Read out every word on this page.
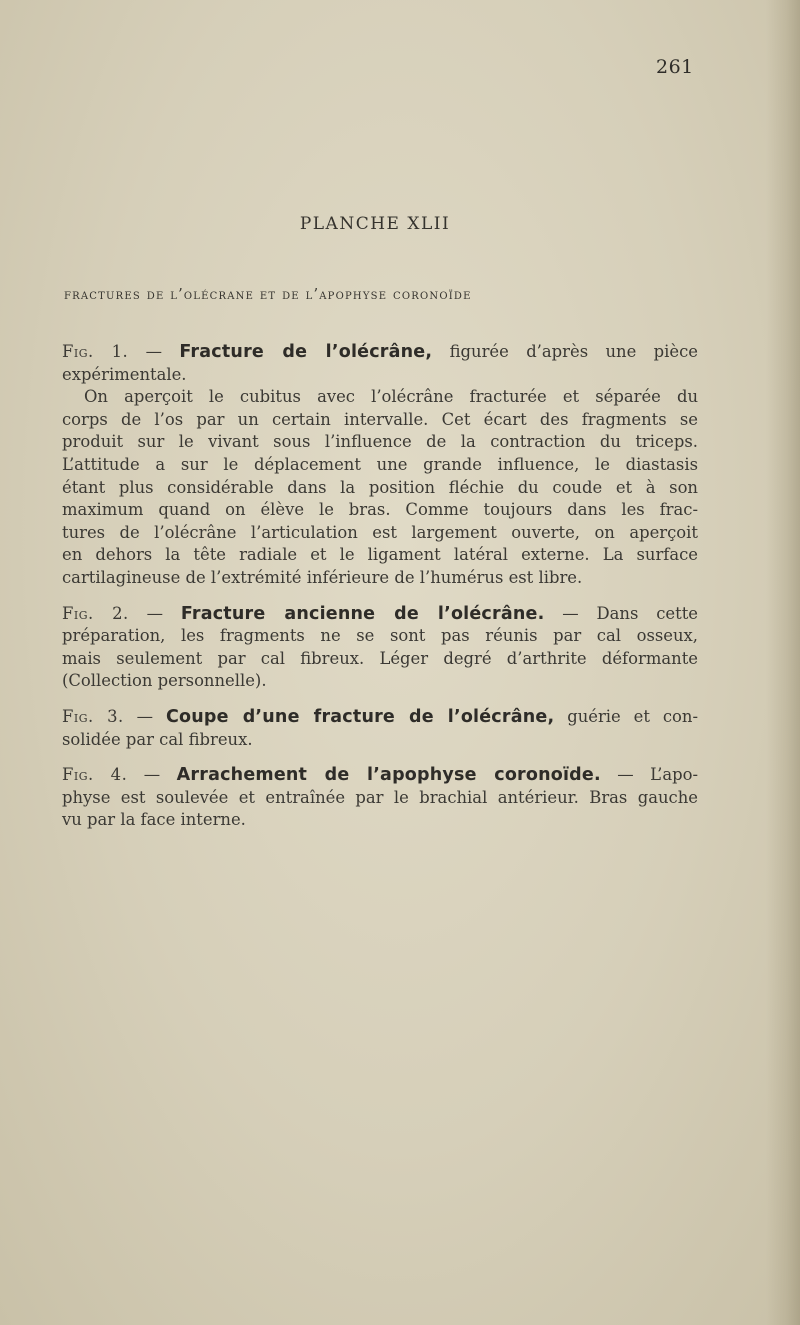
261
PLANCHE XLII
fractures de l’olécrane et de l’apophyse coronoïde
Fig. 1. — Fracture de l’olécrâne, figurée d’après une pièce
expérimentale.
On aperçoit le cubitus avec l’olécrâne fracturée et séparée du
corps de l’os par un certain intervalle. Cet écart des fragments se
produit sur le vivant sous l’influence de la contraction du triceps.
L’attitude a sur le déplacement une grande influence, le diastasis
étant plus considérable dans la position fléchie du coude et à son
maximum quand on élève le bras. Comme toujours dans les frac-
tures de l’olécrâne l’articulation est largement ouverte, on aperçoit
en dehors la tête radiale et le ligament latéral externe. La surface
cartilagineuse de l’extrémité inférieure de l’humérus est libre.
Fig. 2. — Fracture ancienne de l’olécrâne. — Dans cette
préparation, les fragments ne se sont pas réunis par cal osseux,
mais seulement par cal fibreux. Léger degré d’arthrite déformante
(Collection personnelle).
Fig. 3. — Coupe d’une fracture de l’olécrâne, guérie et con-
solidée par cal fibreux.
Fig. 4. — Arrachement de l’apophyse coronoïde. — L’apo-
physe est soulevée et entraînée par le brachial antérieur. Bras gauche
vu par la face interne.
